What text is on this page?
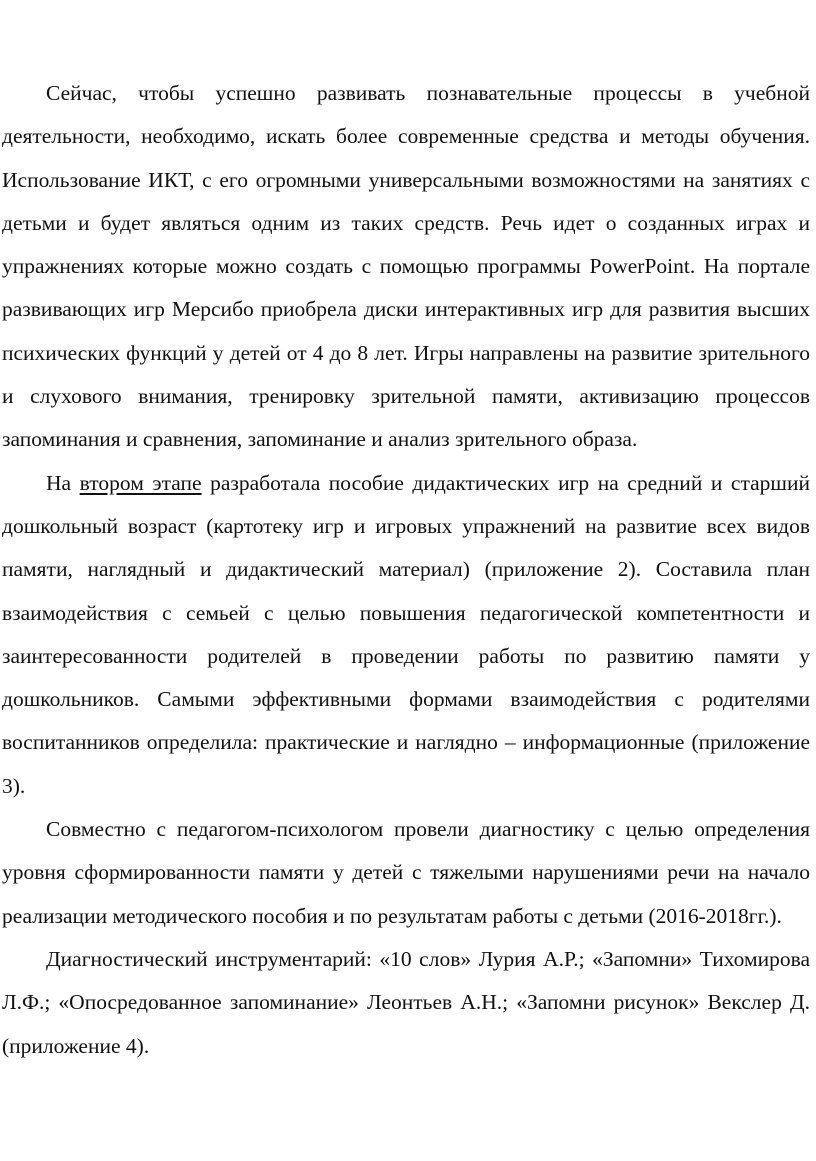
Сейчас, чтобы успешно развивать познавательные процессы в учебной деятельности, необходимо, искать более современные средства и методы обучения. Использование ИКТ, с его огромными универсальными возможностями на занятиях с детьми и будет являться одним из таких средств. Речь идет о созданных играх и упражнениях которые можно создать с помощью программы PowerPoint. На портале развивающих игр Мерсибо приобрела диски интерактивных игр для развития высших психических функций у детей от 4 до 8 лет. Игры направлены на развитие зрительного и слухового внимания, тренировку зрительной памяти, активизацию процессов запоминания и сравнения, запоминание и анализ зрительного образа.

На втором этапе разработала пособие дидактических игр на средний и старший дошкольный возраст (картотеку игр и игровых упражнений на развитие всех видов памяти, наглядный и дидактический материал) (приложение 2). Составила план взаимодействия с семьей с целью повышения педагогической компетентности и заинтересованности родителей в проведении работы по развитию памяти у дошкольников. Самыми эффективными формами взаимодействия с родителями воспитанников определила: практические и наглядно – информационные (приложение 3).

Совместно с педагогом-психологом провели диагностику с целью определения уровня сформированности памяти у детей с тяжелыми нарушениями речи на начало реализации методического пособия и по результатам работы с детьми (2016-2018гг.).

Диагностический инструментарий: «10 слов» Лурия А.Р.; «Запомни» Тихомирова Л.Ф.; «Опосредованное запоминание» Леонтьев А.Н.; «Запомни рисунок» Векслер Д. (приложение 4).
